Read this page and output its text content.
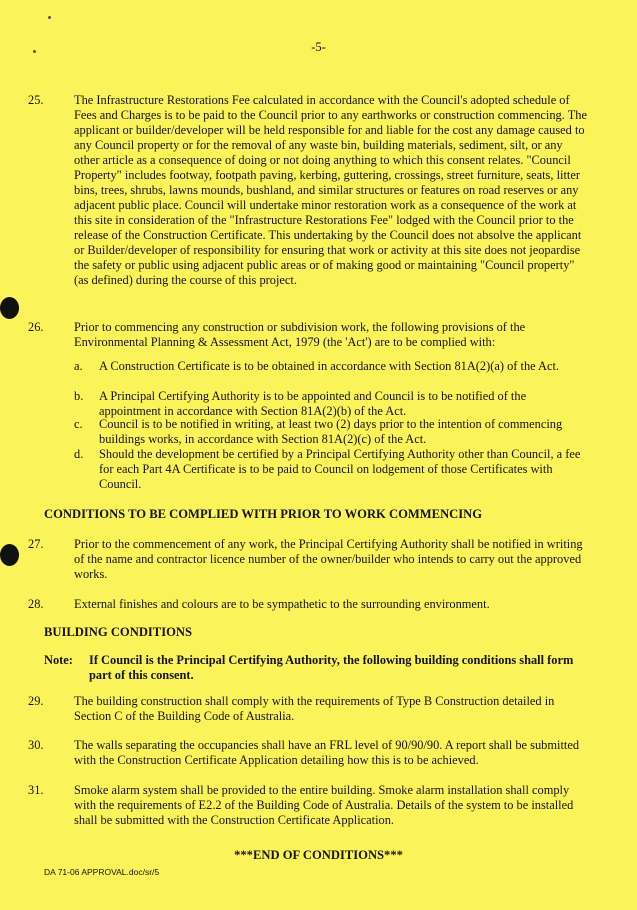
-5-
25.	The Infrastructure Restorations Fee calculated in accordance with the Council's adopted schedule of Fees and Charges is to be paid to the Council prior to any earthworks or construction commencing. The applicant or builder/developer will be held responsible for and liable for the cost any damage caused to any Council property or for the removal of any waste bin, building materials, sediment, silt, or any other article as a consequence of doing or not doing anything to which this consent relates. "Council Property" includes footway, footpath paving, kerbing, guttering, crossings, street furniture, seats, litter bins, trees, shrubs, lawns mounds, bushland, and similar structures or features on road reserves or any adjacent public place. Council will undertake minor restoration work as a consequence of the work at this site in consideration of the "Infrastructure Restorations Fee" lodged with the Council prior to the release of the Construction Certificate. This undertaking by the Council does not absolve the applicant or Builder/developer of responsibility for ensuring that work or activity at this site does not jeopardise the safety or public using adjacent public areas or of making good or maintaining "Council property" (as defined) during the course of this project.
26.	Prior to commencing any construction or subdivision work, the following provisions of the Environmental Planning & Assessment Act, 1979 (the 'Act') are to be complied with:
a. A Construction Certificate is to be obtained in accordance with Section 81A(2)(a) of the Act.
b. A Principal Certifying Authority is to be appointed and Council is to be notified of the appointment in accordance with Section 81A(2)(b) of the Act.
c. Council is to be notified in writing, at least two (2) days prior to the intention of commencing buildings works, in accordance with Section 81A(2)(c) of the Act.
d. Should the development be certified by a Principal Certifying Authority other than Council, a fee for each Part 4A Certificate is to be paid to Council on lodgement of those Certificates with Council.
CONDITIONS TO BE COMPLIED WITH PRIOR TO WORK COMMENCING
27.	Prior to the commencement of any work, the Principal Certifying Authority shall be notified in writing of the name and contractor licence number of the owner/builder who intends to carry out the approved works.
28.	External finishes and colours are to be sympathetic to the surrounding environment.
BUILDING CONDITIONS
Note: If Council is the Principal Certifying Authority, the following building conditions shall form part of this consent.
29.	The building construction shall comply with the requirements of Type B Construction detailed in Section C of the Building Code of Australia.
30.	The walls separating the occupancies shall have an FRL level of 90/90/90. A report shall be submitted with the Construction Certificate Application detailing how this is to be achieved.
31.	Smoke alarm system shall be provided to the entire building. Smoke alarm installation shall comply with the requirements of E2.2 of the Building Code of Australia. Details of the system to be installed shall be submitted with the Construction Certificate Application.
***END OF CONDITIONS***
DA 71-06 APPROVAL.doc/sr/5
